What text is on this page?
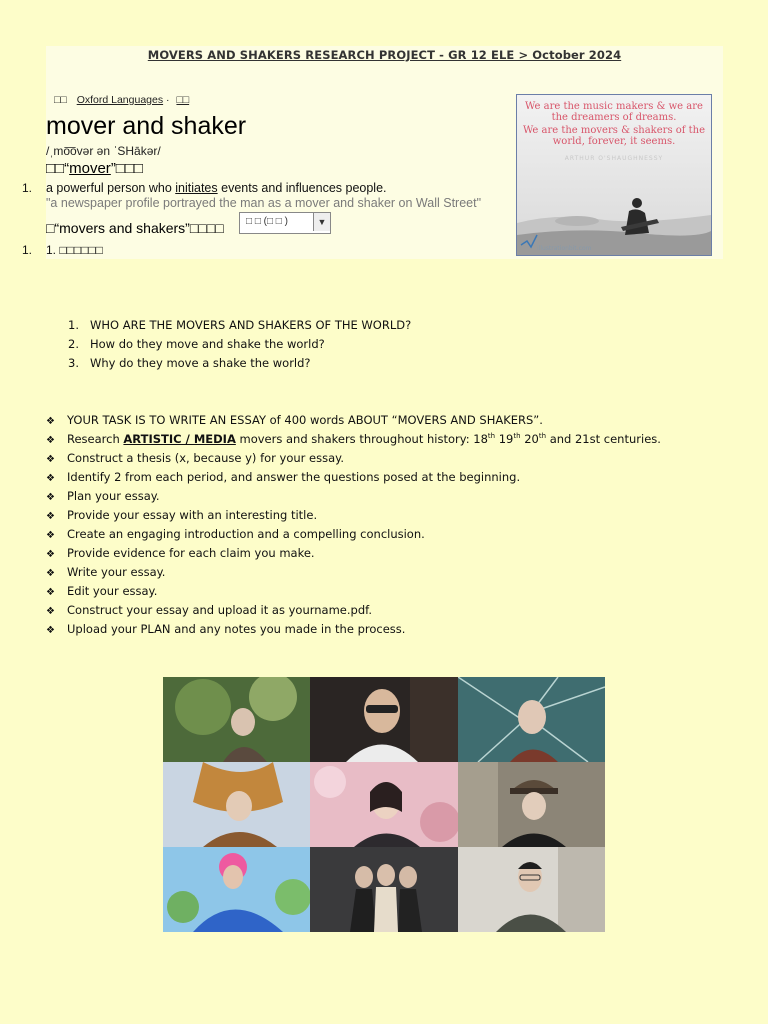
MOVERS AND SHAKERS RESEARCH PROJECT - GR 12 ELE > October 2024
□□ Oxford Languages · □□
mover and shaker
/ˌmo͞ovər ən ˈSHākər/
□□“mover”□□□
1. a powerful person who initiates events and influences people.
"a newspaper profile portrayed the man as a mover and shaker on Wall Street"
□“movers and shakers”□□□□ □ □ (□ □ )	▼
1. 1. □□□□□□
We are the music makers & we are the dreamers of dreams.
We are the movers & shakers of the world, forever, it seems.
ARTHUR O'SHAUGHNESSY
illustrationbit.com
1. WHO ARE THE MOVERS AND SHAKERS OF THE WORLD?
2. How do they move and shake the world?
3. Why do they move a shake the world?
❖ YOUR TASK IS TO WRITE AN ESSAY of 400 words ABOUT “MOVERS AND SHAKERS”.
❖ Research ARTISTIC / MEDIA movers and shakers throughout history: 18th 19th 20th and 21st centuries.
❖ Construct a thesis (x, because y) for your essay.
❖ Identify 2 from each period, and answer the questions posed at the beginning.
❖ Plan your essay.
❖ Provide your essay with an interesting title.
❖ Create an engaging introduction and a compelling conclusion.
❖ Provide evidence for each claim you make.
❖ Write your essay.
❖ Edit your essay.
❖ Construct your essay and upload it as yourname.pdf.
❖ Upload your PLAN and any notes you made in the process.
